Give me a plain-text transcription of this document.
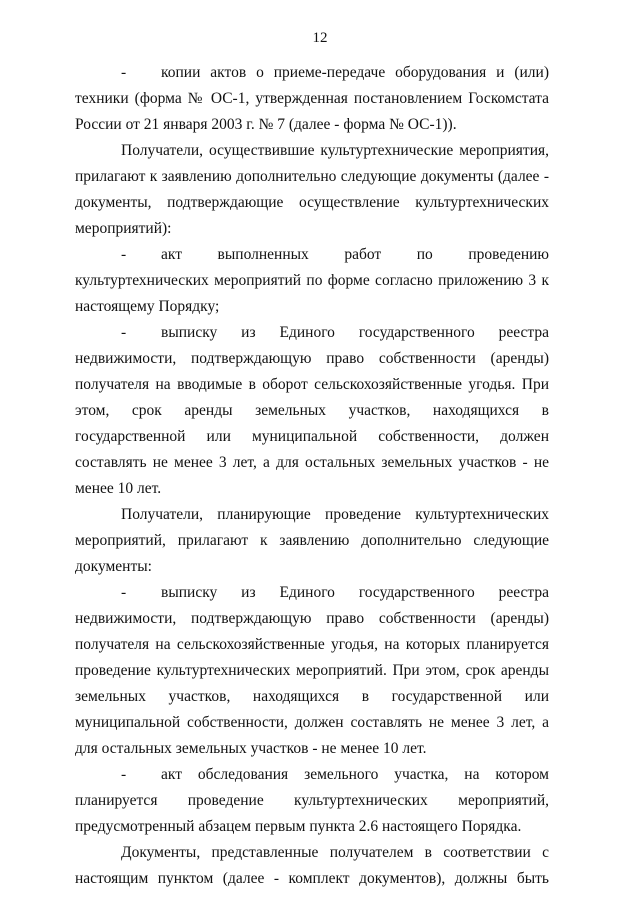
12

- копии актов о приеме-передаче оборудования и (или) техники (форма № ОС-1, утвержденная постановлением Госкомстата России от 21 января 2003 г. № 7 (далее - форма № ОС-1)).

Получатели, осуществившие культуртехнические мероприятия, прилагают к заявлению дополнительно следующие документы (далее - документы, подтверждающие осуществление культуртехнических мероприятий):

- акт выполненных работ по проведению культуртехнических мероприятий по форме согласно приложению 3 к настоящему Порядку;

- выписку из Единого государственного реестра недвижимости, подтверждающую право собственности (аренды) получателя на вводимые в оборот сельскохозяйственные угодья. При этом, срок аренды земельных участков, находящихся в государственной или муниципальной собственности, должен составлять не менее 3 лет, а для остальных земельных участков - не менее 10 лет.

Получатели, планирующие проведение культуртехнических мероприятий, прилагают к заявлению дополнительно следующие документы:

- выписку из Единого государственного реестра недвижимости, подтверждающую право собственности (аренды) получателя на сельскохозяйственные угодья, на которых планируется проведение культуртехнических мероприятий. При этом, срок аренды земельных участков, находящихся в государственной или муниципальной собственности, должен составлять не менее 3 лет, а для остальных земельных участков - не менее 10 лет.

- акт обследования земельного участка, на котором планируется проведение культуртехнических мероприятий, предусмотренный абзацем первым пункта 2.6 настоящего Порядка.

Документы, представленные получателем в соответствии с настоящим пунктом (далее - комплект документов), должны быть
